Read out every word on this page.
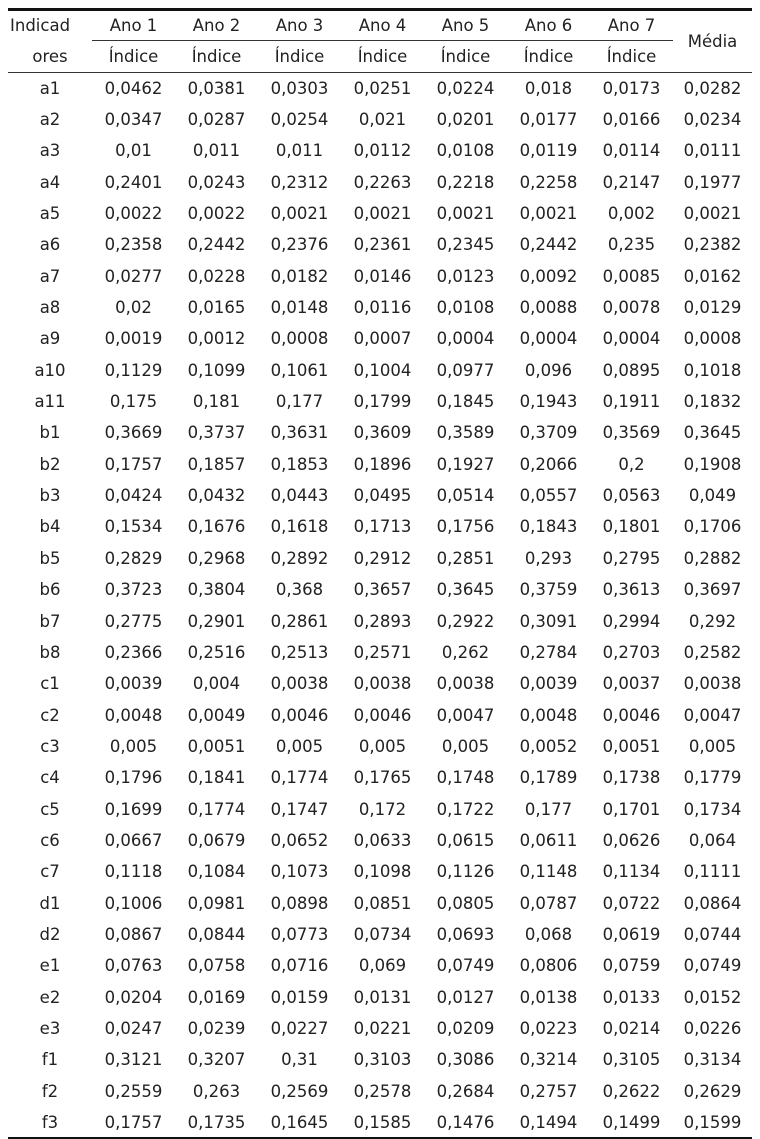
Indicad	Ano 1	Ano 2	Ano 3	Ano 4	Ano 5	Ano 6	Ano 7	Média
ores	Índice	Índice	Índice	Índice	Índice	Índice	Índice	
a1	0,0462	0,0381	0,0303	0,0251	0,0224	0,018	0,0173	0,0282
a2	0,0347	0,0287	0,0254	0,021	0,0201	0,0177	0,0166	0,0234
a3	0,01	0,011	0,011	0,0112	0,0108	0,0119	0,0114	0,0111
a4	0,2401	0,0243	0,2312	0,2263	0,2218	0,2258	0,2147	0,1977
a5	0,0022	0,0022	0,0021	0,0021	0,0021	0,0021	0,002	0,0021
a6	0,2358	0,2442	0,2376	0,2361	0,2345	0,2442	0,235	0,2382
a7	0,0277	0,0228	0,0182	0,0146	0,0123	0,0092	0,0085	0,0162
a8	0,02	0,0165	0,0148	0,0116	0,0108	0,0088	0,0078	0,0129
a9	0,0019	0,0012	0,0008	0,0007	0,0004	0,0004	0,0004	0,0008
a10	0,1129	0,1099	0,1061	0,1004	0,0977	0,096	0,0895	0,1018
a11	0,175	0,181	0,177	0,1799	0,1845	0,1943	0,1911	0,1832
b1	0,3669	0,3737	0,3631	0,3609	0,3589	0,3709	0,3569	0,3645
b2	0,1757	0,1857	0,1853	0,1896	0,1927	0,2066	0,2	0,1908
b3	0,0424	0,0432	0,0443	0,0495	0,0514	0,0557	0,0563	0,049
b4	0,1534	0,1676	0,1618	0,1713	0,1756	0,1843	0,1801	0,1706
b5	0,2829	0,2968	0,2892	0,2912	0,2851	0,293	0,2795	0,2882
b6	0,3723	0,3804	0,368	0,3657	0,3645	0,3759	0,3613	0,3697
b7	0,2775	0,2901	0,2861	0,2893	0,2922	0,3091	0,2994	0,292
b8	0,2366	0,2516	0,2513	0,2571	0,262	0,2784	0,2703	0,2582
c1	0,0039	0,004	0,0038	0,0038	0,0038	0,0039	0,0037	0,0038
c2	0,0048	0,0049	0,0046	0,0046	0,0047	0,0048	0,0046	0,0047
c3	0,005	0,0051	0,005	0,005	0,005	0,0052	0,0051	0,005
c4	0,1796	0,1841	0,1774	0,1765	0,1748	0,1789	0,1738	0,1779
c5	0,1699	0,1774	0,1747	0,172	0,1722	0,177	0,1701	0,1734
c6	0,0667	0,0679	0,0652	0,0633	0,0615	0,0611	0,0626	0,064
c7	0,1118	0,1084	0,1073	0,1098	0,1126	0,1148	0,1134	0,1111
d1	0,1006	0,0981	0,0898	0,0851	0,0805	0,0787	0,0722	0,0864
d2	0,0867	0,0844	0,0773	0,0734	0,0693	0,068	0,0619	0,0744
e1	0,0763	0,0758	0,0716	0,069	0,0749	0,0806	0,0759	0,0749
e2	0,0204	0,0169	0,0159	0,0131	0,0127	0,0138	0,0133	0,0152
e3	0,0247	0,0239	0,0227	0,0221	0,0209	0,0223	0,0214	0,0226
f1	0,3121	0,3207	0,31	0,3103	0,3086	0,3214	0,3105	0,3134
f2	0,2559	0,263	0,2569	0,2578	0,2684	0,2757	0,2622	0,2629
f3	0,1757	0,1735	0,1645	0,1585	0,1476	0,1494	0,1499	0,1599
